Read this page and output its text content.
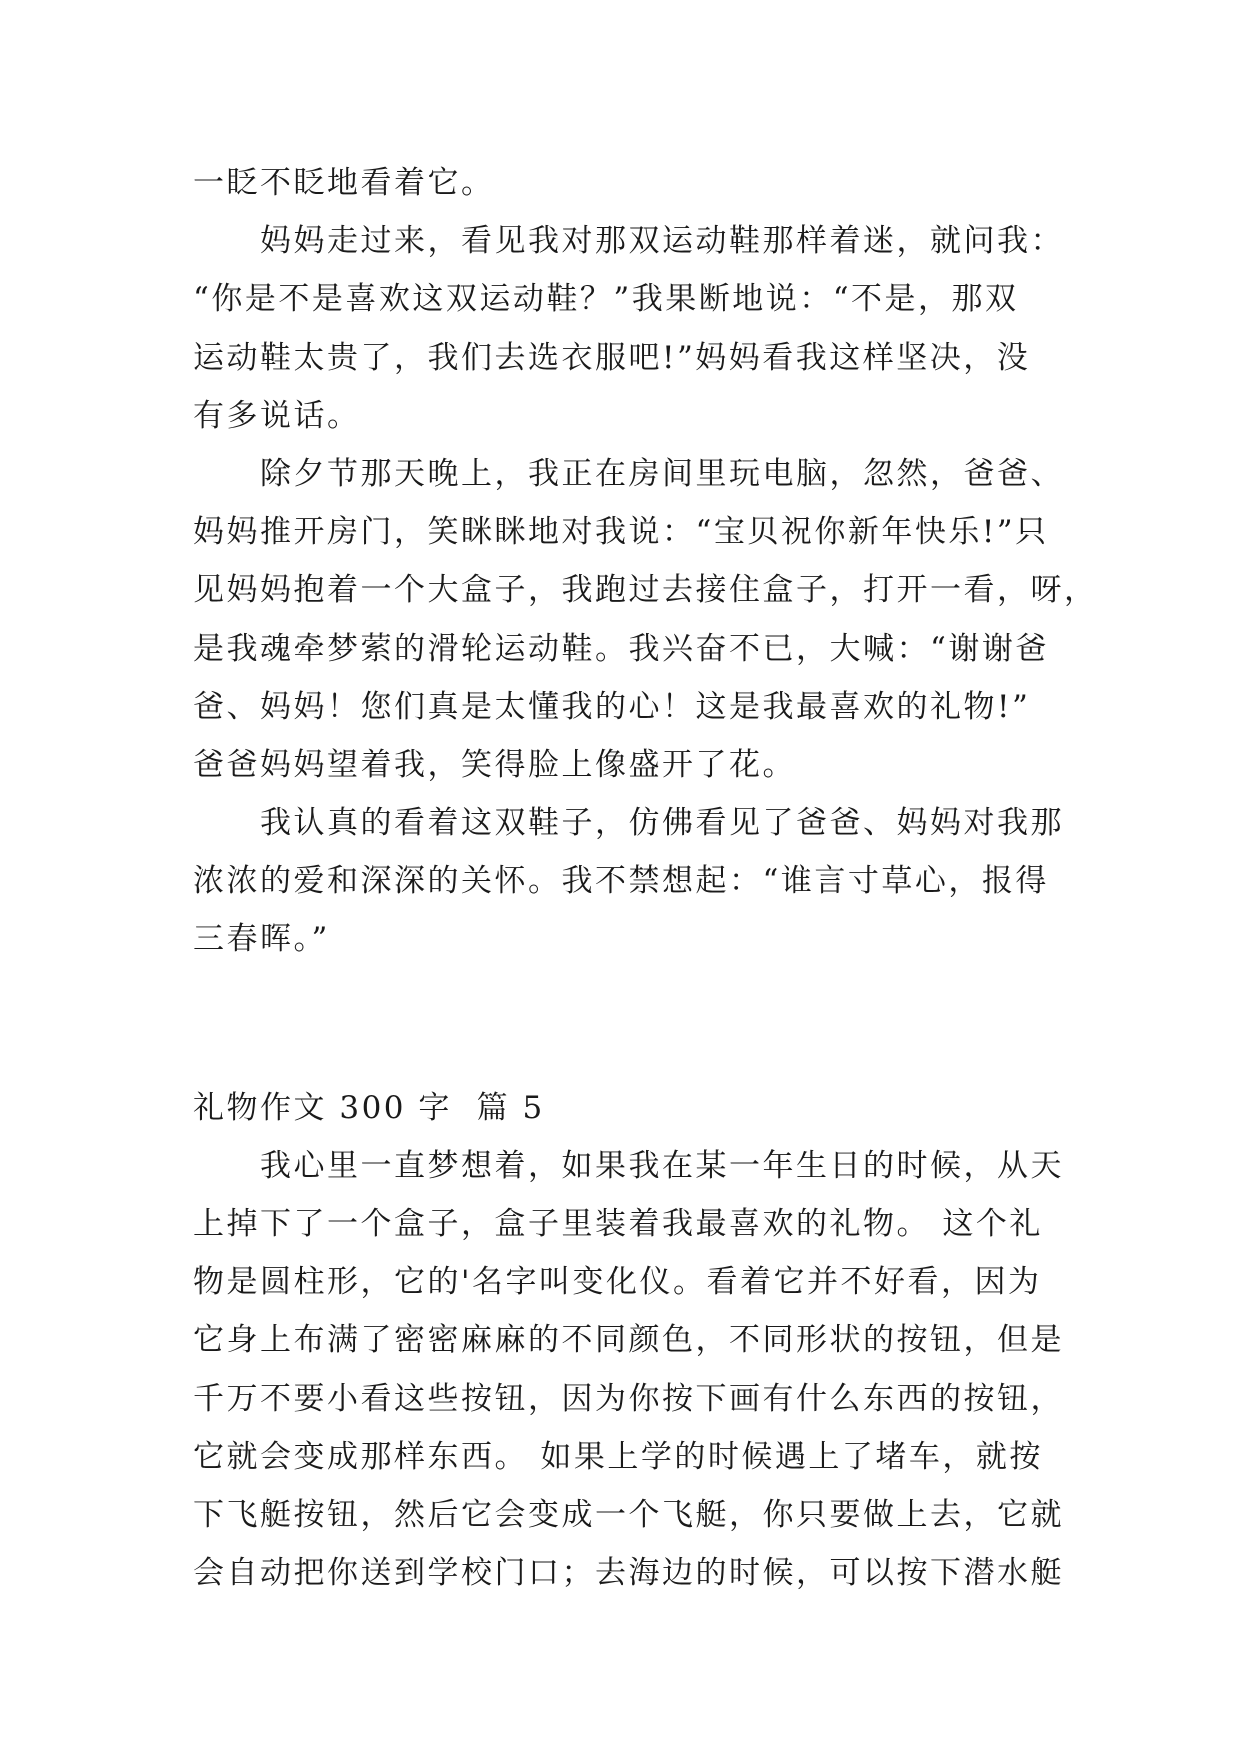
一眨不眨地看着它。
　　妈妈走过来，看见我对那双运动鞋那样着迷，就问我：
“你是不是喜欢这双运动鞋？”我果断地说：“不是，那双
运动鞋太贵了，我们去选衣服吧!”妈妈看我这样坚决，没
有多说话。
　　除夕节那天晚上，我正在房间里玩电脑，忽然，爸爸、
妈妈推开房门，笑眯眯地对我说：“宝贝祝你新年快乐!”只
见妈妈抱着一个大盒子，我跑过去接住盒子，打开一看，呀，
是我魂牵梦萦的滑轮运动鞋。我兴奋不已，大喊：“谢谢爸
爸、妈妈！您们真是太懂我的心！这是我最喜欢的礼物!”
爸爸妈妈望着我，笑得脸上像盛开了花。
　　我认真的看着这双鞋子，仿佛看见了爸爸、妈妈对我那
浓浓的爱和深深的关怀。我不禁想起：“谁言寸草心，报得
三春晖。”
礼物作文 300 字  篇 5
　　我心里一直梦想着，如果我在某一年生日的时候，从天
上掉下了一个盒子，盒子里装着我最喜欢的礼物。 这个礼
物是圆柱形，它的'名字叫变化仪。看着它并不好看，因为
它身上布满了密密麻麻的不同颜色，不同形状的按钮，但是
千万不要小看这些按钮，因为你按下画有什么东西的按钮，
它就会变成那样东西。 如果上学的时候遇上了堵车，就按
下飞艇按钮，然后它会变成一个飞艇，你只要做上去，它就
会自动把你送到学校门口；去海边的时候，可以按下潜水艇
